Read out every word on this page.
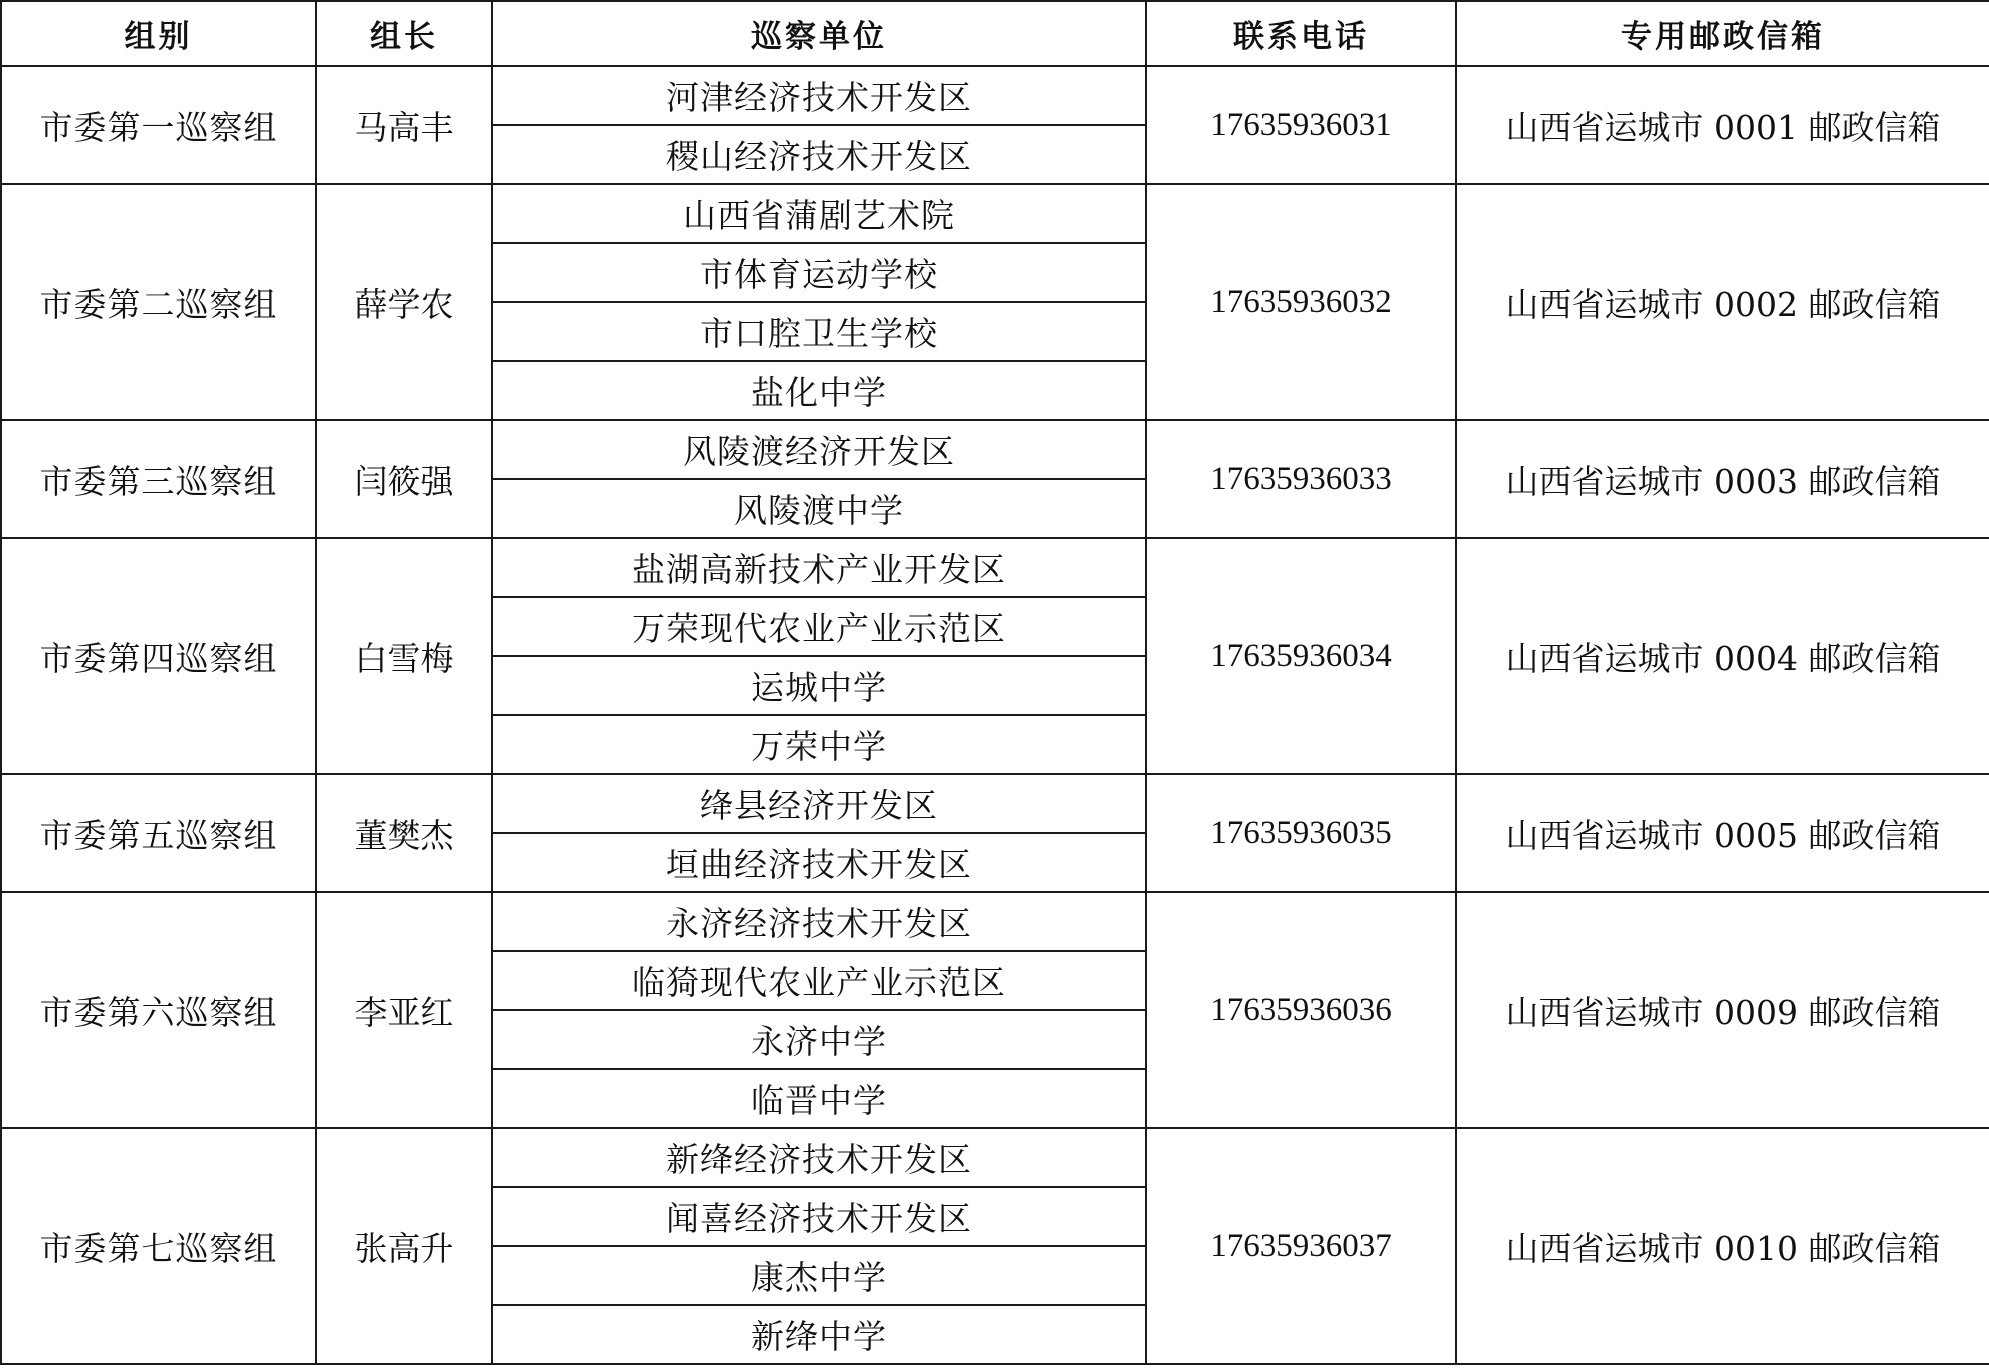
组别	组长	巡察单位	联系电话	专用邮政信箱
市委第一巡察组	马高丰	河津经济技术开发区	17635936031	山西省运城市 0001 邮政信箱
		稷山经济技术开发区		
市委第二巡察组	薛学农	山西省蒲剧艺术院	17635936032	山西省运城市 0002 邮政信箱
		市体育运动学校		
		市口腔卫生学校		
		盐化中学		
市委第三巡察组	闫筱强	风陵渡经济开发区	17635936033	山西省运城市 0003 邮政信箱
		风陵渡中学		
市委第四巡察组	白雪梅	盐湖高新技术产业开发区	17635936034	山西省运城市 0004 邮政信箱
		万荣现代农业产业示范区		
		运城中学		
		万荣中学		
市委第五巡察组	董樊杰	绛县经济开发区	17635936035	山西省运城市 0005 邮政信箱
		垣曲经济技术开发区		
市委第六巡察组	李亚红	永济经济技术开发区	17635936036	山西省运城市 0009 邮政信箱
		临猗现代农业产业示范区		
		永济中学		
		临晋中学		
市委第七巡察组	张高升	新绛经济技术开发区	17635936037	山西省运城市 0010 邮政信箱
		闻喜经济技术开发区		
		康杰中学		
		新绛中学		
